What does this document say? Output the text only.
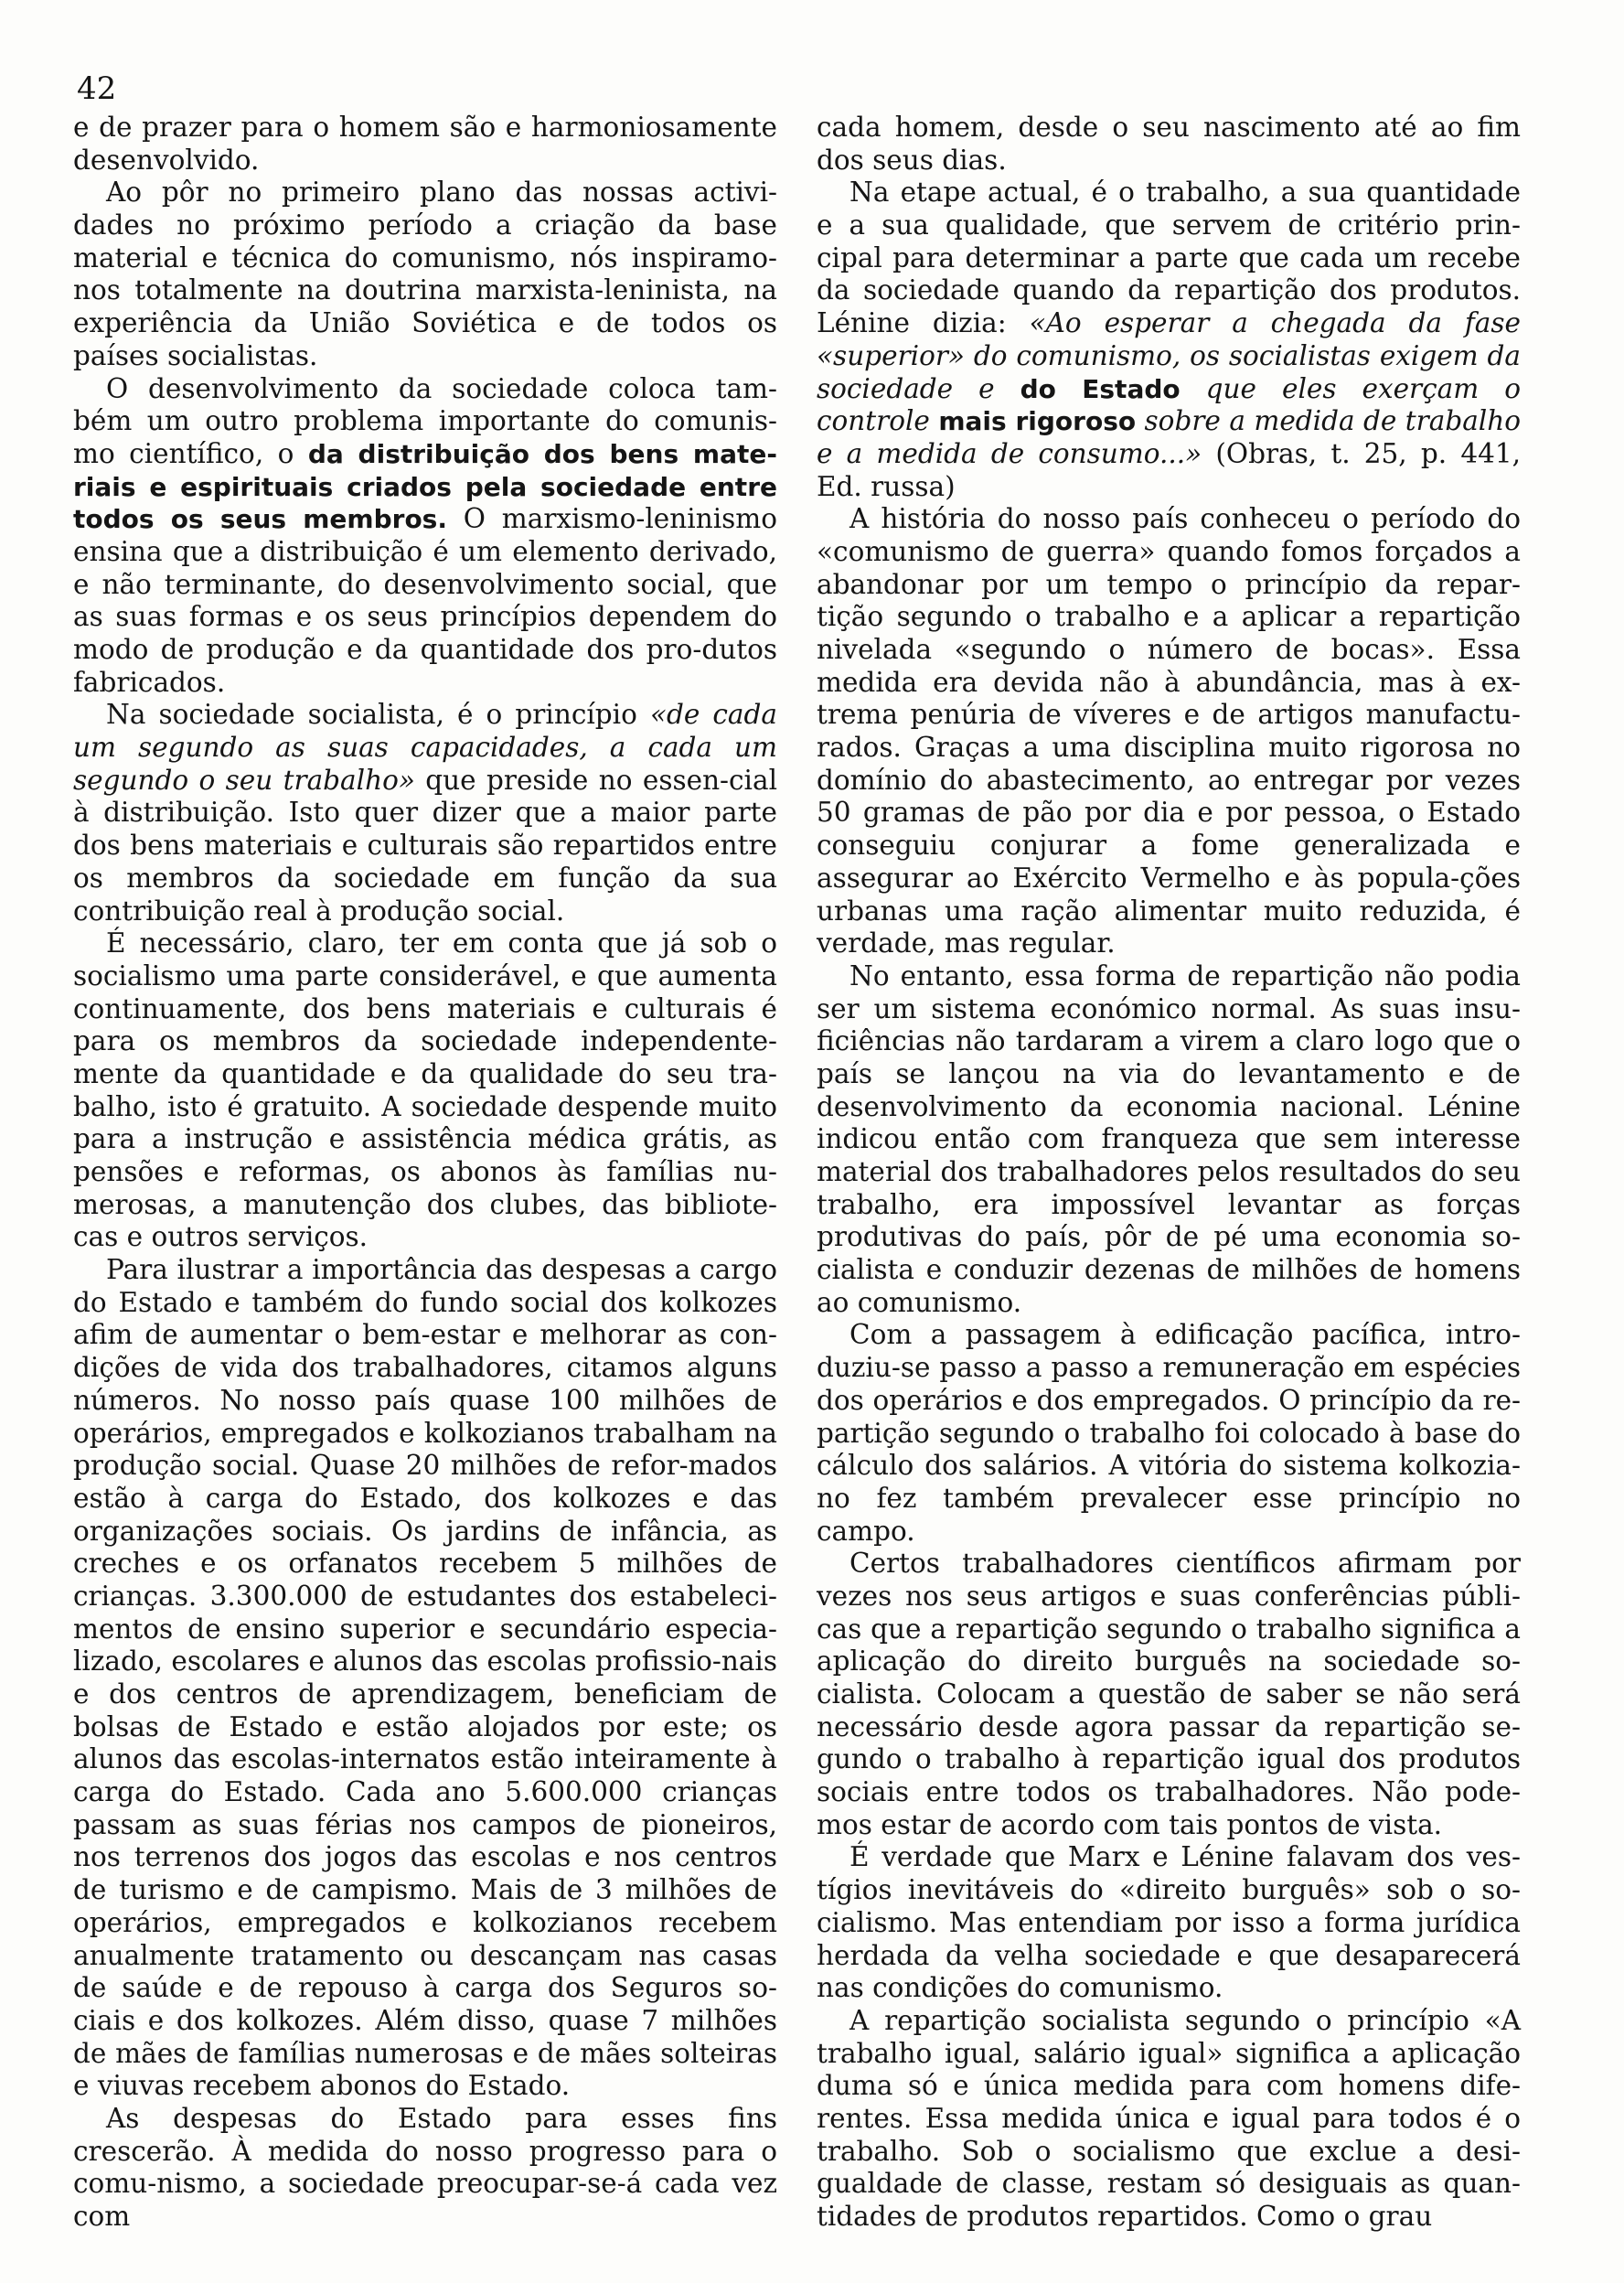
42

e de prazer para o homem são e harmoniosamente desenvolvido.

Ao pôr no primeiro plano das nossas activi-dades no próximo período a criação da base material e técnica do comunismo, nós inspiramo-nos totalmente na doutrina marxista-leninista, na experiência da União Soviética e de todos os países socialistas.

O desenvolvimento da sociedade coloca tam-bém um outro problema importante do comunis-mo científico, o da distribuição dos bens mate-riais e espirituais criados pela sociedade entre todos os seus membros. O marxismo-leninismo ensina que a distribuição é um elemento derivado, e não terminante, do desenvolvimento social, que as suas formas e os seus princípios dependem do modo de produção e da quantidade dos pro-dutos fabricados.

Na sociedade socialista, é o princípio «de cada um segundo as suas capacidades, a cada um segundo o seu trabalho» que preside no essen-cial à distribuição. Isto quer dizer que a maior parte dos bens materiais e culturais são repartidos entre os membros da sociedade em função da sua contribuição real à produção social.

É necessário, claro, ter em conta que já sob o socialismo uma parte considerável, e que aumenta continuamente, dos bens materiais e culturais é para os membros da sociedade independente-mente da quantidade e da qualidade do seu tra-balho, isto é gratuito. A sociedade despende muito para a instrução e assistência médica grátis, as pensões e reformas, os abonos às famílias nu-merosas, a manutenção dos clubes, das bibliote-cas e outros serviços.

Para ilustrar a importância das despesas a cargo do Estado e também do fundo social dos kolkozes afim de aumentar o bem-estar e melhorar as con-dições de vida dos trabalhadores, citamos alguns números. No nosso país quase 100 milhões de operários, empregados e kolkozianos trabalham na produção social. Quase 20 milhões de refor-mados estão à carga do Estado, dos kolkozes e das organizações sociais. Os jardins de infância, as creches e os orfanatos recebem 5 milhões de crianças. 3.300.000 de estudantes dos estabeleci-mentos de ensino superior e secundário especia-lizado, escolares e alunos das escolas profissio-nais e dos centros de aprendizagem, beneficiam de bolsas de Estado e estão alojados por este; os alunos das escolas-internatos estão inteiramente à carga do Estado. Cada ano 5.600.000 crianças passam as suas férias nos campos de pioneiros, nos terrenos dos jogos das escolas e nos centros de turismo e de campismo. Mais de 3 milhões de operários, empregados e kolkozianos recebem anualmente tratamento ou descançam nas casas de saúde e de repouso à carga dos Seguros so-ciais e dos kolkozes. Além disso, quase 7 milhões de mães de famílias numerosas e de mães solteiras e viuvas recebem abonos do Estado.

As despesas do Estado para esses fins crescerão. À medida do nosso progresso para o comu-nismo, a sociedade preocupar-se-á cada vez com

cada homem, desde o seu nascimento até ao fim dos seus dias.

Na etape actual, é o trabalho, a sua quantidade e a sua qualidade, que servem de critério prin-cipal para determinar a parte que cada um recebe da sociedade quando da repartição dos produtos. Lénine dizia: «Ao esperar a chegada da fase «superior» do comunismo, os socialistas exigem da sociedade e do Estado que eles exerçam o controle mais rigoroso sobre a medida de trabalho e a medida de consumo...» (Obras, t. 25, p. 441, Ed. russa)

A história do nosso país conheceu o período do «comunismo de guerra» quando fomos forçados a abandonar por um tempo o princípio da repar-tição segundo o trabalho e a aplicar a repartição nivelada «segundo o número de bocas». Essa medida era devida não à abundância, mas à ex-trema penúria de víveres e de artigos manufactu-rados. Graças a uma disciplina muito rigorosa no domínio do abastecimento, ao entregar por vezes 50 gramas de pão por dia e por pessoa, o Estado conseguiu conjurar a fome generalizada e assegurar ao Exército Vermelho e às popula-ções urbanas uma ração alimentar muito reduzida, é verdade, mas regular.

No entanto, essa forma de repartição não podia ser um sistema económico normal. As suas insu-ficiências não tardaram a virem a claro logo que o país se lançou na via do levantamento e de desenvolvimento da economia nacional. Lénine indicou então com franqueza que sem interesse material dos trabalhadores pelos resultados do seu trabalho, era impossível levantar as forças produtivas do país, pôr de pé uma economia so-cialista e conduzir dezenas de milhões de homens ao comunismo.

Com a passagem à edificação pacífica, intro-duziu-se passo a passo a remuneração em espécies dos operários e dos empregados. O princípio da re-partição segundo o trabalho foi colocado à base do cálculo dos salários. A vitória do sistema kolkozia-no fez também prevalecer esse princípio no campo.

Certos trabalhadores científicos afirmam por vezes nos seus artigos e suas conferências públi-cas que a repartição segundo o trabalho significa a aplicação do direito burguês na sociedade so-cialista. Colocam a questão de saber se não será necessário desde agora passar da repartição se-gundo o trabalho à repartição igual dos produtos sociais entre todos os trabalhadores. Não pode-mos estar de acordo com tais pontos de vista.

É verdade que Marx e Lénine falavam dos ves-tígios inevitáveis do «direito burguês» sob o so-cialismo. Mas entendiam por isso a forma jurídica herdada da velha sociedade e que desaparecerá nas condições do comunismo.

A repartição socialista segundo o princípio «A trabalho igual, salário igual» significa a aplicação duma só e única medida para com homens dife-rentes. Essa medida única e igual para todos é o trabalho. Sob o socialismo que exclue a desi-gualdade de classe, restam só desiguais as quan-tidades de produtos repartidos. Como o grau
